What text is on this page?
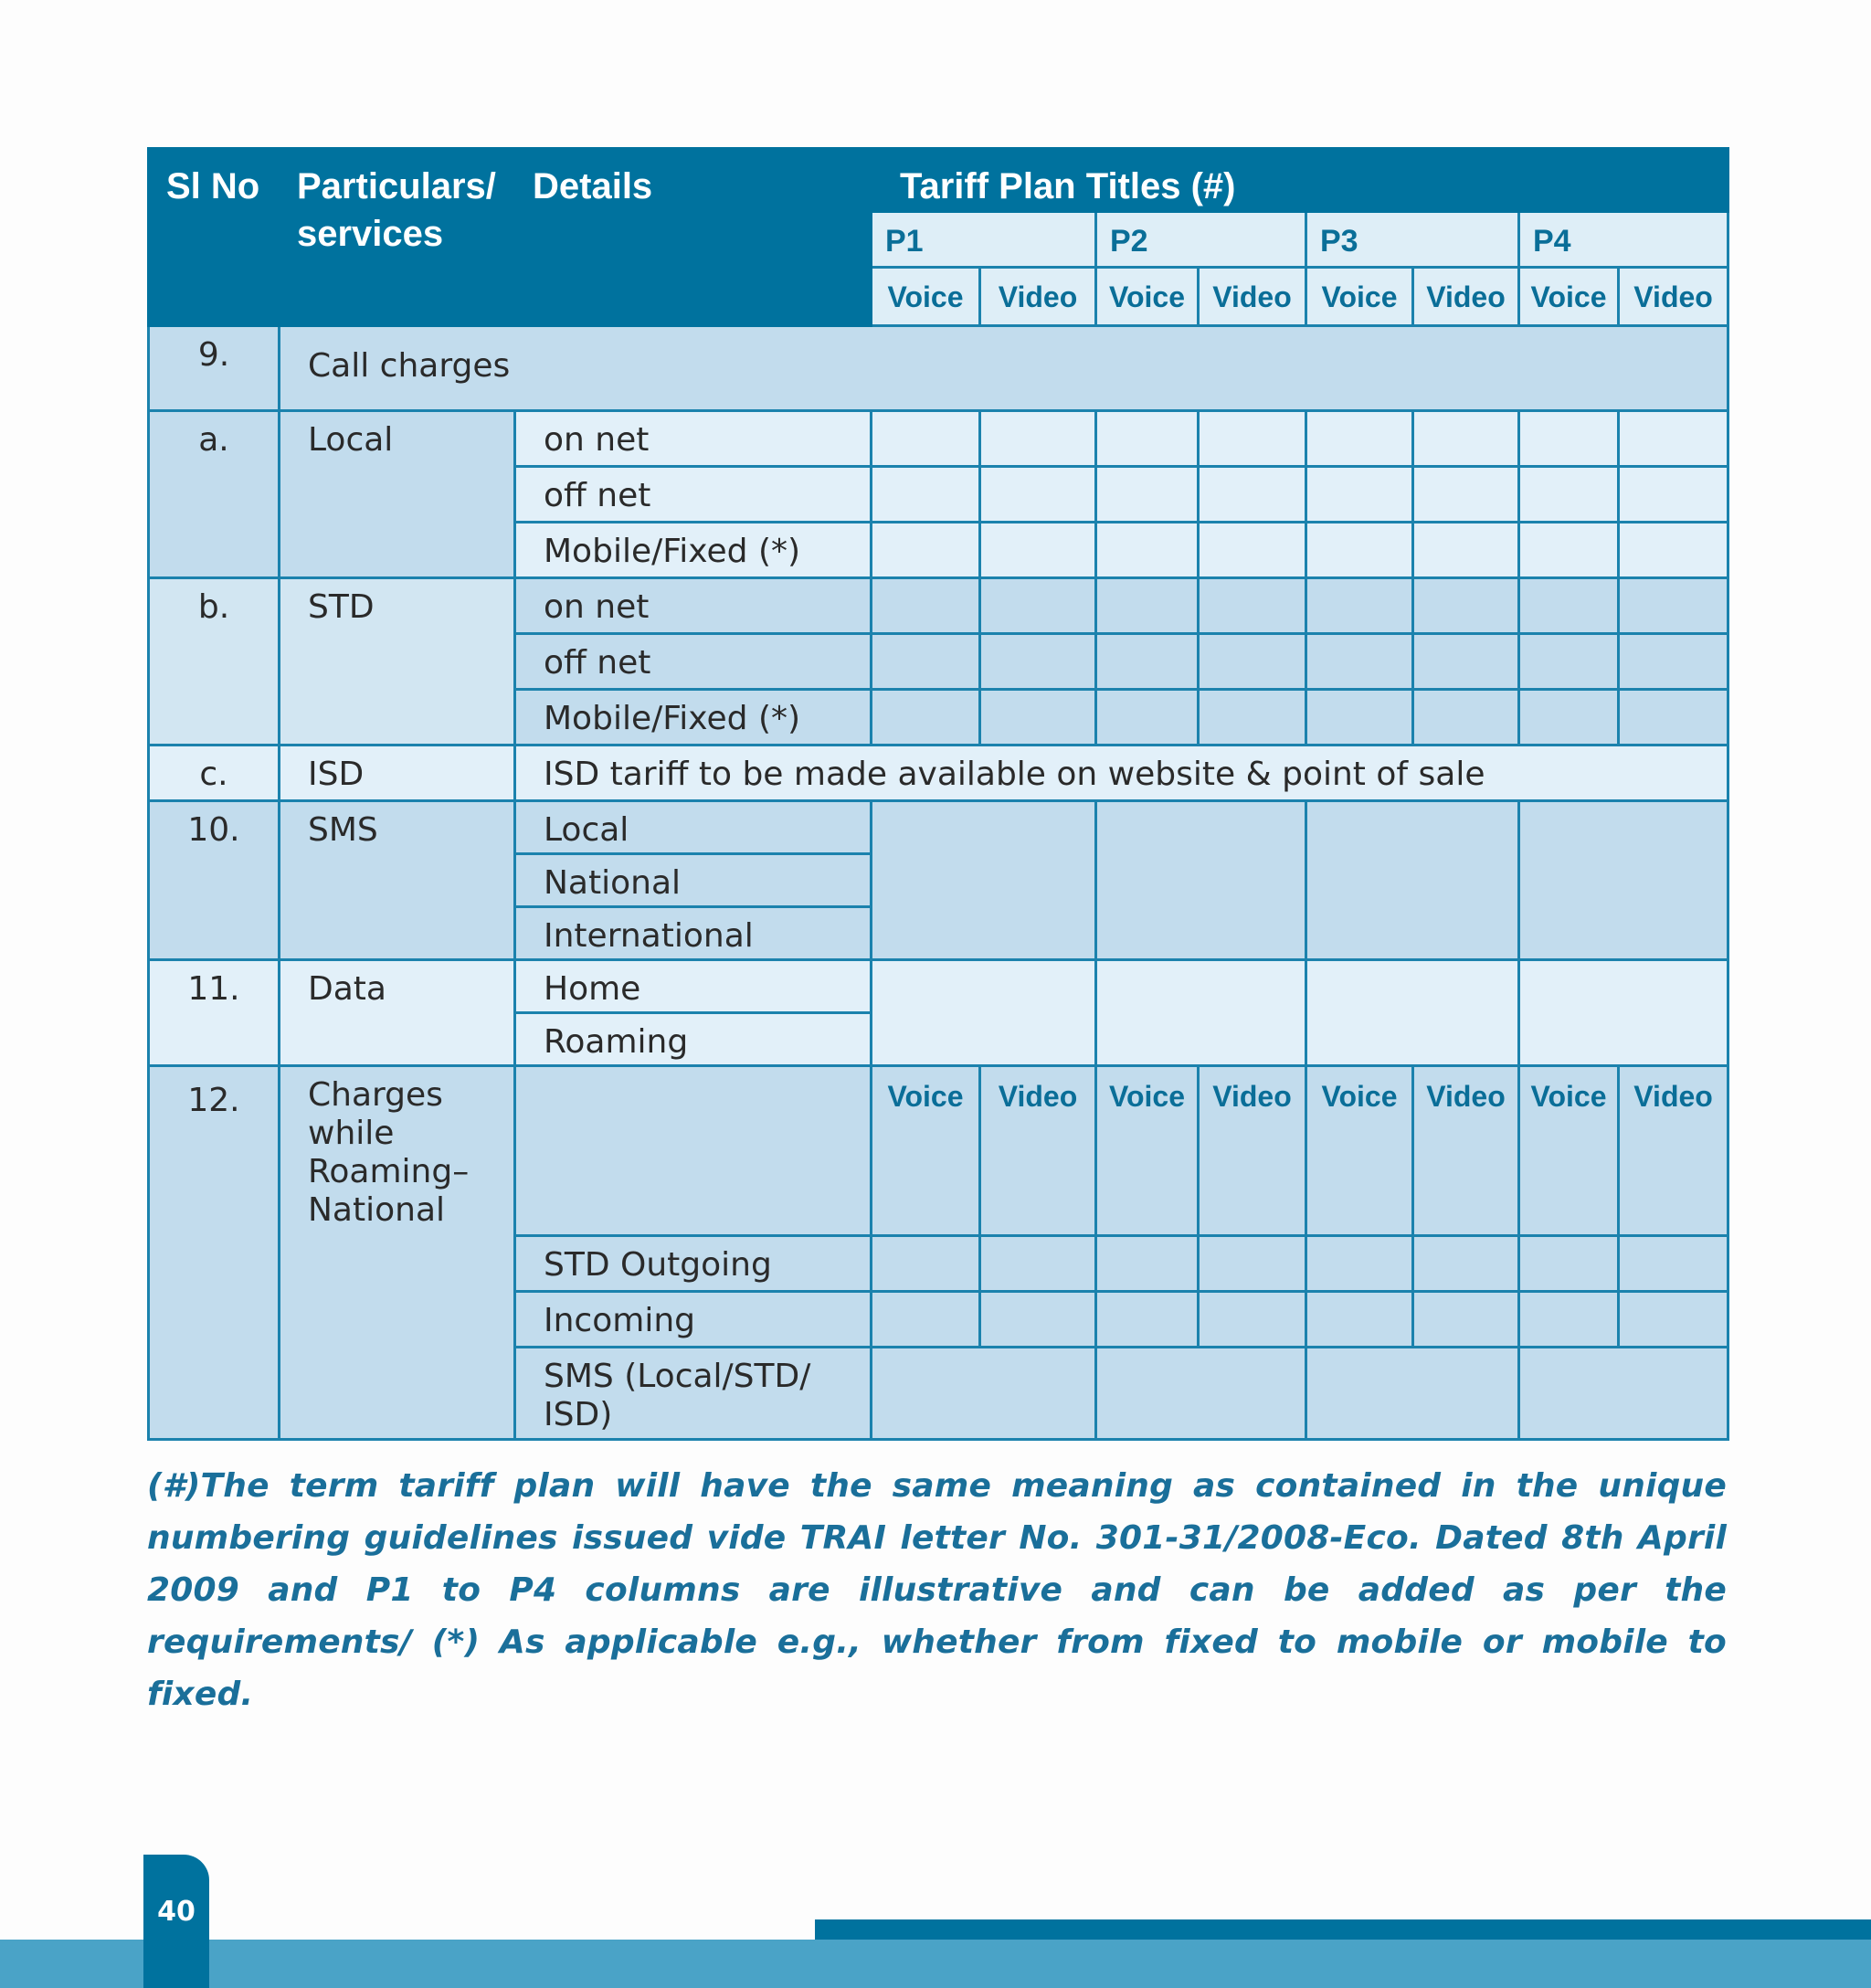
Sl No	Particulars/ services	Details	Tariff Plan Titles (#)							
			P1		P2		P3		P4	
			Voice	Video	Voice	Video	Voice	Video	Voice	Video
9.	Call charges									
a.	Local	on net								
		off net								
		Mobile/Fixed (*)								
b.	STD	on net								
		off net								
		Mobile/Fixed (*)								
c.	ISD	ISD tariff to be made available on website & point of sale								
10.	SMS	Local								
		National								
		International								
11.	Data	Home								
		Roaming								
12.	Charges while Roaming– National		Voice	Video	Voice	Video	Voice	Video	Voice	Video
		STD Outgoing								
		Incoming								
		SMS (Local/STD/ ISD)								
(#)The term tariff plan will have the same meaning as contained in the unique numbering guidelines issued vide TRAI letter No. 301-31/2008-Eco. Dated 8th April 2009 and P1 to P4 columns are illustrative and can be added as per the requirements/ (*) As applicable e.g., whether from fixed to mobile or mobile to fixed.
40
